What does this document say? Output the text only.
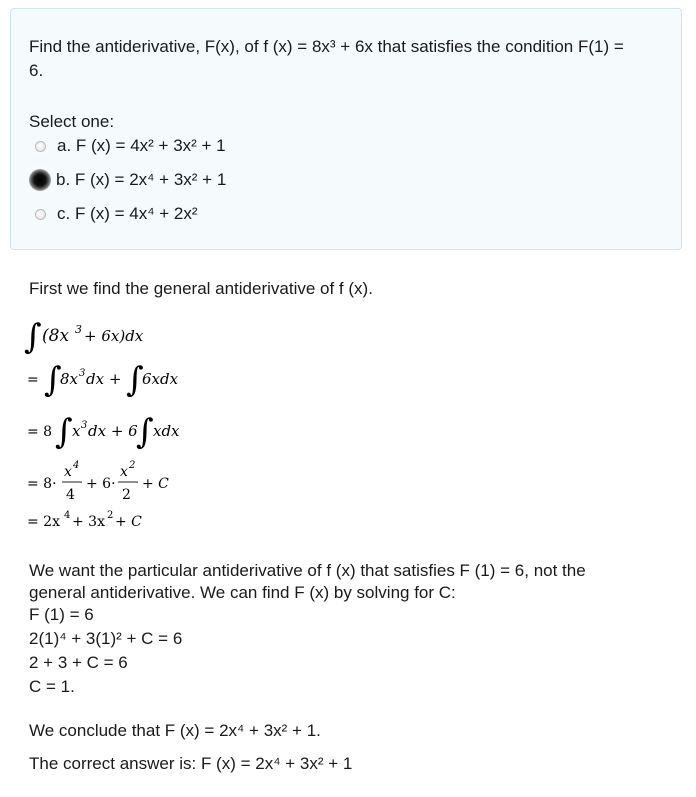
Find the antiderivative, F(x), of f (x) = 8x³ + 6x that satisfies the condition F(1) =
6.
Select one:
a. F (x) = 4x² + 3x² + 1
b. F (x) = 2x⁴ + 3x² + 1
c. F (x) = 4x⁴ + 2x²
First we find the general antiderivative of f (x).
∫ (8x 3 + 6x)dx
= ∫
8x 3 dx + ∫
6xdx
= 8 ∫ x 3 dx + 6
∫ xdx
= 8·
x 4
4
+ 6·
x 2
2
+ C
= 2x 4 + 3x 2 + C
We want the particular antiderivative of f (x) that satisfies F (1) = 6, not the
general antiderivative. We can find F (x) by solving for C:
F (1) = 6
2(1)⁴ + 3(1)² + C = 6
2 + 3 + C = 6
C = 1.
We conclude that F (x) = 2x⁴ + 3x² + 1.
The correct answer is: F (x) = 2x⁴ + 3x² + 1
